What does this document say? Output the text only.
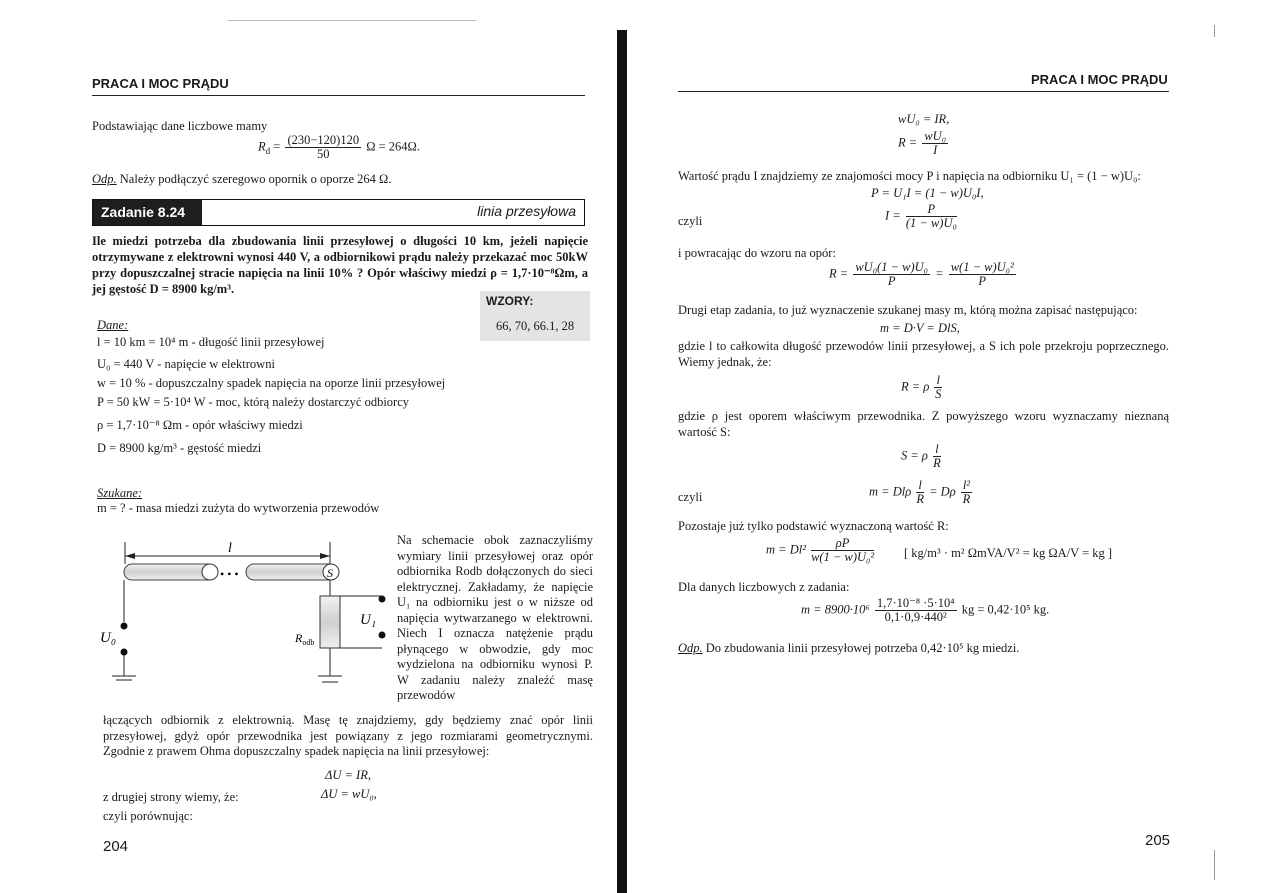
PRACA I MOC PRĄDU
Podstawiając dane liczbowe mamy
$R_d = \frac{(230-120)120}{50}$ Ω = 264Ω.
Odp. Należy podłączyć szeregowo opornik o oporze 264 Ω.
Zadanie 8.24	linia przesyłowa
Ile miedzi potrzeba dla zbudowania linii przesyłowej o długości 10 km, jeżeli napięcie otrzymywane z elektrowni wynosi 440 V, a odbiornikowi prądu należy przekazać moc 50kW przy dopuszczalnej stracie napięcia na linii 10% ? Opór właściwy miedzi ρ = 1,7·10⁻⁸Ωm, a jej gęstość D = 8900 kg/m³.
WZORY:
66, 70, 66.1, 28
Dane:
l = 10 km = 10⁴ m - długość linii przesyłowej
U₀ = 440 V - napięcie w elektrowni
w = 10 % - dopuszczalny spadek napięcia na oporze linii przesyłowej
P = 50 kW = 5·10⁴ W - moc, którą należy dostarczyć odbiorcy
ρ = 1,7·10⁻⁸ Ωm - opór właściwy miedzi
D = 8900 kg/m³ - gęstość miedzi
Szukane:
m = ? - masa miedzi zużyta do wytworzenia przewodów
l
• • •	S
U₀
U₁
$R_{odb}$
Na schemacie obok zaznaczyliśmy wymiary linii przesyłowej oraz opór odbiornika Rodb dołączonych do sieci elektrycznej. Zakładamy, że napięcie U₁ na odbiorniku jest o w niższe od napięcia wytwarzanego w elektrowni. Niech I oznacza natężenie prądu płynącego w obwodzie, gdy moc wydzielona na odbiorniku wynosi P. W zadaniu należy znaleźć masę przewodów
łączących odbiornik z elektrownią. Masę tę znajdziemy, gdy będziemy znać opór linii przesyłowej, gdyż opór przewodnika jest powiązany z jego rozmiarami geometrycznymi. Zgodnie z prawem Ohma dopuszczalny spadek napięcia na linii przesyłowej:
ΔU = IR,
z drugiej strony wiemy, że:	ΔU = wU₀,
czyli porównując:
204
PRACA I MOC PRĄDU
wU₀ = IR,
$R = \frac{\text{wU₀}}{I}$
Wartość prądu I znajdziemy ze znajomości mocy P i napięcia na odbiorniku U₁ = (1 − w)U₀:
P = U₁I = (1 − w)U₀I,
czyli	$I = \frac{P}{\text{(1 − w)U₀}}$
i powracając do wzoru na opór:
$R = \frac{\text{wU₀(1 − w)U₀}}{P} = \frac{\text{w(1 − w)U₀²}}{P}$
Drugi etap zadania, to już wyznaczenie szukanej masy m, którą można zapisać następująco:
m = D·V = DlS,
gdzie l to całkowita długość przewodów linii przesyłowej, a S ich pole przekroju poprzecznego. Wiemy jednak, że:
R = ρ $\frac{l}{S}$
gdzie ρ jest oporem właściwym przewodnika. Z powyższego wzoru wyznaczamy nieznaną wartość S:
S = ρ $\frac{l}{R}$
czyli	m = Dlρ $\frac{l}{R} = D\rho \frac{\text{l²}}{R}$
Pozostaje już tylko podstawić wyznaczoną wartość R:
$m = Dl^2 \frac{\rho P}{\text{w(1 − w)U₀²}}$ [ kg/m³ · m² ΩmVA/V² = kg ΩA/V = kg ]
Dla danych liczbowych z zadania:
$m = 8900\cdot 10^6 \frac{\text{1,7·10⁻⁸ ·5·10⁴}}{\text{0,1·0,9·440²}}$ kg = 0,42·10⁵ kg.
Odp. Do zbudowania linii przesyłowej potrzeba 0,42·10⁵ kg miedzi.
205
